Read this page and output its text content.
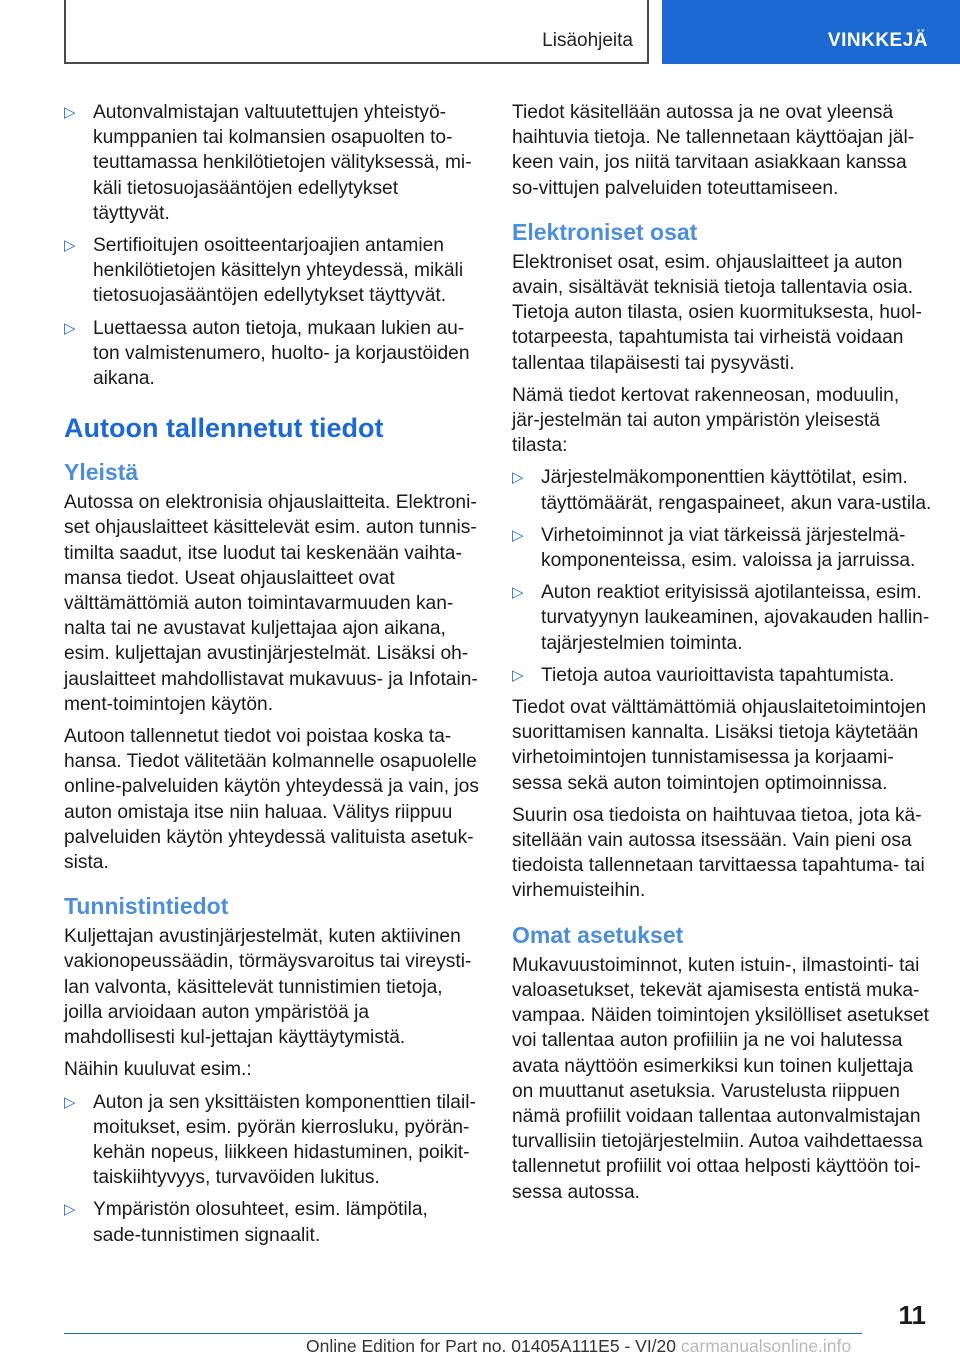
Lisäohjeita	VINKKEJÄ
▷ Autonvalmistajan valtuutettujen yhteistyö-kumppanien tai kolmansien osapuolten to-teuttamassa henkilötietojen välityksessä, mi-käli tietosuojasääntöjen edellytykset täyttyvät.
▷ Sertifioitujen osoitteentarjoajien antamien henkilötietojen käsittelyn yhteydessä, mikäli tietosuojasääntöjen edellytykset täyttyvät.
▷ Luettaessa auton tietoja, mukaan lukien au-ton valmistenumero, huolto- ja korjaustöiden aikana.
Autoon tallennetut tiedot
Yleistä

Autossa on elektronisia ohjauslaitteita. Elektroni-set ohjauslaitteet käsittelevät esim. auton tunnis-timilta saadut, itse luodut tai keskenään vaihta-mansa tiedot. Useat ohjauslaitteet ovat välttämättömiä auton toimintavarmuuden kan-nalta tai ne avustavat kuljettajaa ajon aikana, esim. kuljettajan avustinjärjestelmät. Lisäksi oh-jauslaitteet mahdollistavat mukavuus- ja Infotain-ment-toimintojen käytön.

Autoon tallennetut tiedot voi poistaa koska ta-hansa. Tiedot välitetään kolmannelle osapuolelle online-palveluiden käytön yhteydessä ja vain, jos auton omistaja itse niin haluaa. Välitys riippuu palveluiden käytön yhteydessä valituista asetuk-sista.

Tunnistintiedot

Kuljettajan avustinjärjestelmät, kuten aktiivinen vakionopeussäädin, törmäysvaroitus tai vireysti-lan valvonta, käsittelevät tunnistimien tietoja, joilla arvioidaan auton ympäristöä ja mahdollisesti kul-jettajan käyttäytymistä.

Näihin kuuluvat esim.:

▷ Auton ja sen yksittäisten komponenttien tilail-moitukset, esim. pyörän kierrosluku, pyörän-kehän nopeus, liikkeen hidastuminen, poikit-taiskiihtyvyys, turvavöiden lukitus.
▷ Ympäristön olosuhteet, esim. lämpötila, sade-tunnistimen signaalit.

Tiedot käsitellään autossa ja ne ovat yleensä haihtuvia tietoja. Ne tallennetaan käyttöajan jäl-keen vain, jos niitä tarvitaan asiakkaan kanssa so-vittujen palveluiden toteuttamiseen.

Elektroniset osat

Elektroniset osat, esim. ohjauslaitteet ja auton avain, sisältävät teknisiä tietoja tallentavia osia. Tietoja auton tilasta, osien kuormituksesta, huol-totarpeesta, tapahtumista tai virheistä voidaan tallentaa tilapäisesti tai pysyvästi.

Nämä tiedot kertovat rakenneosan, moduulin, jär-jestelmän tai auton ympäristön yleisestä tilasta:

▷ Järjestelmäkomponenttien käyttötilat, esim. täyttömäärät, rengaspaineet, akun vara-ustila.
▷ Virhetoiminnot ja viat tärkeissä järjestelmä-komponenteissa, esim. valoissa ja jarruissa.
▷ Auton reaktiot erityisissä ajotilanteissa, esim. turvatyynyn laukeaminen, ajovakauden hallin-tajärjestelmien toiminta.
▷ Tietoja autoa vaurioittavista tapahtumista.

Tiedot ovat välttämättömiä ohjauslaitetoimintojen suorittamisen kannalta. Lisäksi tietoja käytetään virhetoimintojen tunnistamisessa ja korjaami-sessa sekä auton toimintojen optimoinnissa.

Suurin osa tiedoista on haihtuvaa tietoa, jota kä-sitellään vain autossa itsessään. Vain pieni osa tiedoista tallennetaan tarvittaessa tapahtuma- tai virhemuisteihin.

Omat asetukset

Mukavuustoiminnot, kuten istuin-, ilmastointi- tai valoasetukset, tekevät ajamisesta entistä muka-vampaa. Näiden toimintojen yksilölliset asetukset voi tallentaa auton profiiliin ja ne voi halutessa avata näyttöön esimerkiksi kun toinen kuljettaja on muuttanut asetuksia. Varustelusta riippuen nämä profiilit voidaan tallentaa autonvalmistajan turvallisiin tietojärjestelmiin. Autoa vaihdettaessa tallennetut profiilit voi ottaa helposti käyttöön toi-sessa autossa.

11
Online Edition for Part no. 01405A111E5 - VI/20 carmanualsonline.info
